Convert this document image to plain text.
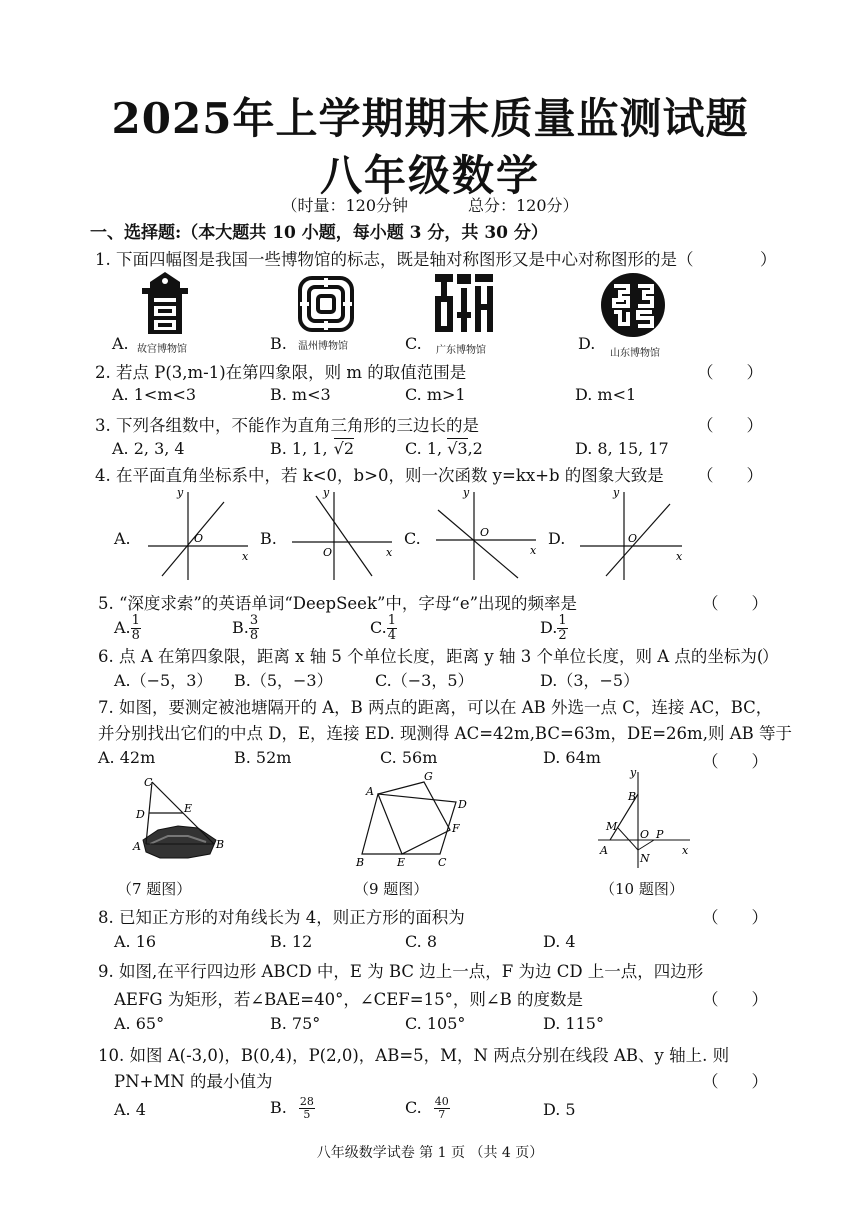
2025年上学期期末质量监测试题
八年级数学
（时量：120分钟	总分：120分）
一、选择题:（本大题共 10 小题，每小题 3 分，共 30 分）
1. 下面四幅图是我国一些博物馆的标志，既是轴对称图形又是中心对称图形的是（	）
A.	B.	C.	D.
故宫博物馆	温州博物馆	广东博物馆	山东博物馆
2. 若点 P(3,m-1)在第四象限，则 m 的取值范围是	（　　）
A. 1<m<3	B. m<3	C. m>1	D. m<1
3. 下列各组数中，不能作为直角三角形的三边长的是	（　　）
A. 2, 3, 4	B. 1, 1, √2	C. 1, √3,2	D. 8, 15, 17
4. 在平面直角坐标系中，若 k<0，b>0，则一次函数 y=kx+b 的图象大致是 （　　）
A.	B.	C.	D.
y
x
O
y
x
O
y
x
O
y
x
O
5. “深度求索”的英语单词“DeepSeek”中，字母“e”出现的频率是	（　　）
A. $\frac{1}{8}$	B. $\frac{3}{8}$	C. $\frac{1}{4}$	D. $\frac{1}{2}$
6. 点 A 在第四象限，距离 x 轴 5 个单位长度，距离 y 轴 3 个单位长度，则 A 点的坐标为(
）
A.（−5，3） B.（5，−3）	C.（−3，5）	D.（3，−5）
7. 如图，要测定被池塘隔开的 A，B 两点的距离，可以在 AB 外选一点 C，连接 AC，BC，
并分别找出它们的中点 D，E，连接 ED. 现测得 AC=42m,BC=63m，DE=26m,则 AB 等于
A. 42m	B. 52m	C. 56m	D. 64m	（　　）
C
D	E
A	B
（7 题图）
G
A
D
F
B	E	C
（9 题图）
y
B
M
O P
A
N
x
（10 题图）
8. 已知正方形的对角线长为 4，则正方形的面积为	（　　）
A. 16	B. 12	C. 8	D. 4
9. 如图,在平行四边形 ABCD 中，E 为 BC 边上一点，F 为边 CD 上一点，四边形
AEFG 为矩形，若∠BAE=40°，∠CEF=15°，则∠B 的度数是	（　　）
A. 65°	B. 75°	C. 105°	D. 115°
10. 如图 A(-3,0)，B(0,4)，P(2,0)，AB=5，M，N 两点分别在线段 AB、y 轴上. 则
PN+MN 的最小值为	（　　）
A. 4	B. $\frac{28}{5}$	C. $\frac{40}{7}$	D. 5
八年级数学试卷 第 1 页 （共 4 页）
